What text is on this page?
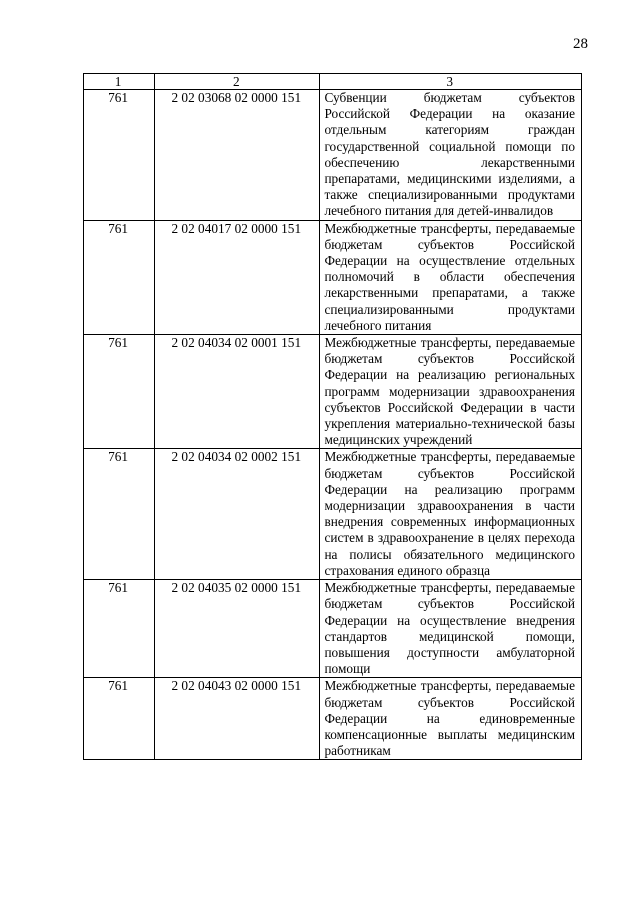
28
1	2	3
761	2 02 03068 02 0000 151	Субвенции бюджетам субъектов Российской Федерации на оказание отдельным категориям граждан государственной социальной помощи по обеспечению лекарственными препаратами, медицинскими изделиями, а также специализированными продуктами лечебного питания для детей-инвалидов
761	2 02 04017 02 0000 151	Межбюджетные трансферты, передаваемые бюджетам субъектов Российской Федерации на осуществление отдельных полномочий в области обеспечения лекарственными препаратами, а также специализированными продуктами лечебного питания
761	2 02 04034 02 0001 151	Межбюджетные трансферты, передаваемые бюджетам субъектов Российской Федерации на реализацию региональных программ модернизации здравоохранения субъектов Российской Федерации в части укрепления материально-технической базы медицинских учреждений
761	2 02 04034 02 0002 151	Межбюджетные трансферты, передаваемые бюджетам субъектов Российской Федерации на реализацию программ модернизации здравоохранения в части внедрения современных информационных систем в здравоохранение в целях перехода на полисы обязательного медицинского страхования единого образца
761	2 02 04035 02 0000 151	Межбюджетные трансферты, передаваемые бюджетам субъектов Российской Федерации на осуществление внедрения стандартов медицинской помощи, повышения доступности амбулаторной помощи
761	2 02 04043 02 0000 151	Межбюджетные трансферты, передаваемые бюджетам субъектов Российской Федерации на единовременные компенсационные выплаты медицинским работникам
